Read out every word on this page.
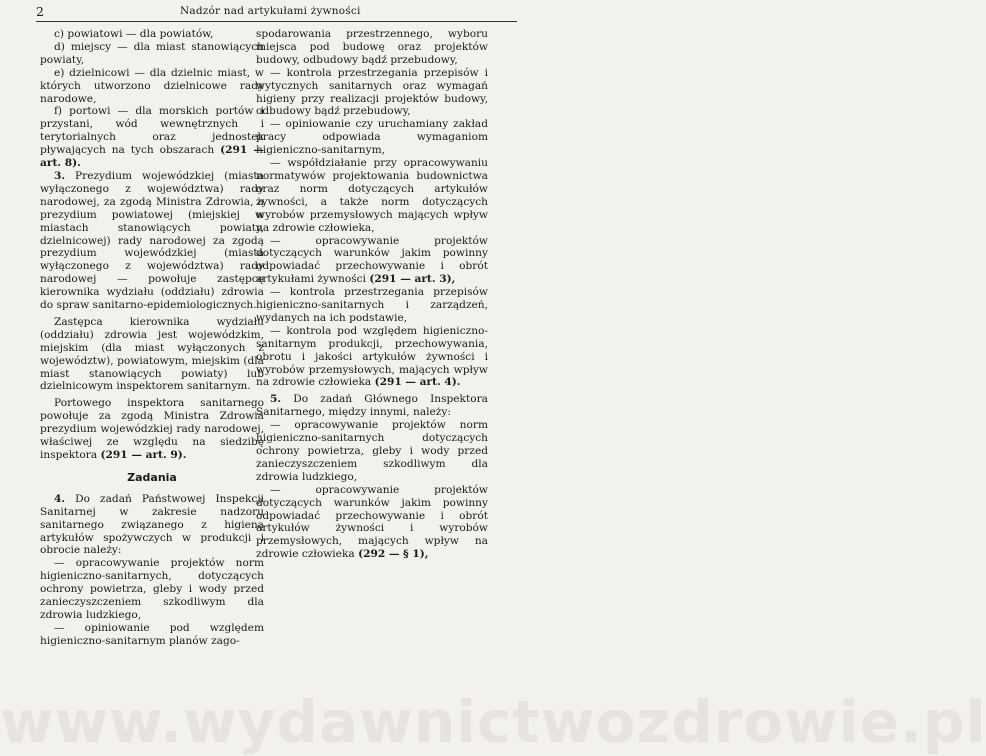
2	Nadzór nad artykułami żywności

c) powiatowi — dla powiatów,

d) miejscy — dla miast stanowiących powiaty,

e) dzielnicowi — dla dzielnic miast, w których utworzono dzielnicowe rady narodowe,

f) portowi — dla morskich portów i przystani, wód wewnętrznych i terytorialnych oraz jednostek pływających na tych obszarach (291 — art. 8).

3. Prezydium wojewódzkiej (miasta wyłączonego z województwa) rady narodowej, za zgodą Ministra Zdrowia, a prezydium powiatowej (miejskiej w miastach stanowiących powiaty, dzielnicowej) rady narodowej za zgodą prezydium wojewódzkiej (miasta wyłączonego z województwa) rady narodowej — powołuje zastępcę kierownika wydziału (oddziału) zdrowia do spraw sanitarno-epidemiologicznych.

Zastępca kierownika wydziału (oddziału) zdrowia jest wojewódzkim, miejskim (dla miast wyłączonych z województw), powiatowym, miejskim (dla miast stanowiących powiaty) lub dzielnicowym inspektorem sanitarnym.

Portowego inspektora sanitarnego powołuje za zgodą Ministra Zdrowia prezydium wojewódzkiej rady narodowej, właściwej ze względu na siedzibę inspektora (291 — art. 9).

Zadania

4. Do zadań Państwowej Inspekcji Sanitarnej w zakresie nadzoru sanitarnego związanego z higieną artykułów spożywczych w produkcji i obrocie należy:

— opracowywanie projektów norm higieniczno-sanitarnych, dotyczących ochrony powietrza, gleby i wody przed zanieczyszczeniem szkodliwym dla zdrowia ludzkiego,

— opiniowanie pod względem higieniczno-sanitarnym planów zago-

spodarowania przestrzennego, wyboru miejsca pod budowę oraz projektów budowy, odbudowy bądź przebudowy,

— kontrola przestrzegania przepisów i wytycznych sanitarnych oraz wymagań higieny przy realizacji projektów budowy, odbudowy bądź przebudowy,

— opiniowanie czy uruchamiany zakład pracy odpowiada wymaganiom higieniczno-sanitarnym,

— współdziałanie przy opracowywaniu normatywów projektowania budownictwa oraz norm dotyczących artykułów żywności, a także norm dotyczących wyrobów przemysłowych mających wpływ na zdrowie człowieka,

— opracowywanie projektów dotyczących warunków jakim powinny odpowiadać przechowywanie i obrót artykułami żywności (291 — art. 3),

— kontrola przestrzegania przepisów higieniczno-sanitarnych i zarządzeń, wydanych na ich podstawie,

— kontrola pod względem higieniczno-sanitarnym produkcji, przechowywania, obrotu i jakości artykułów żywności i wyrobów przemysłowych, mających wpływ na zdrowie człowieka (291 — art. 4).

5. Do zadań Głównego Inspektora Sanitarnego, między innymi, należy:

— opracowywanie projektów norm higieniczno-sanitarnych dotyczących ochrony powietrza, gleby i wody przed zanieczyszczeniem szkodliwym dla zdrowia ludzkiego,

— opracowywanie projektów dotyczących warunków jakim powinny odpowiadać przechowywanie i obrót artykułów żywności i wyrobów przemysłowych, mających wpływ na zdrowie człowieka (292 — § 1),

www.wydawnictwozdrowie.pl
